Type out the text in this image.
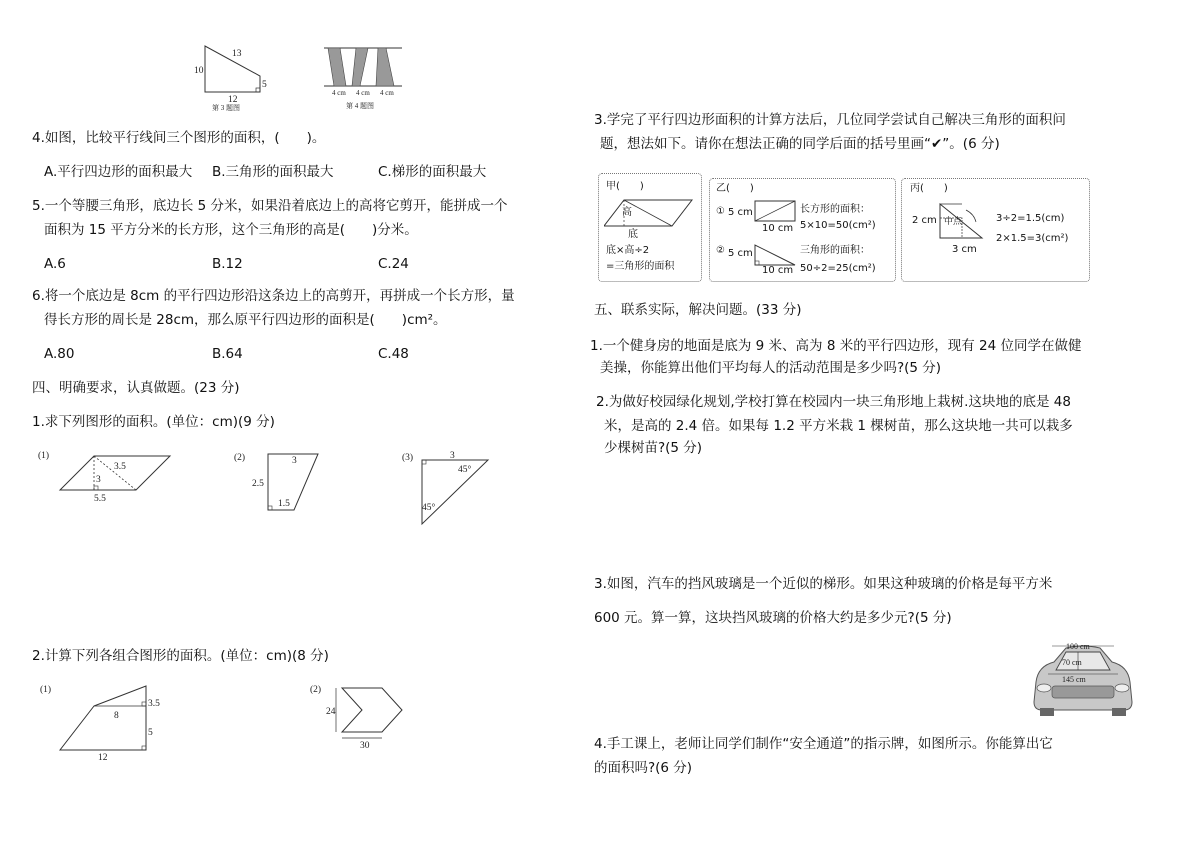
13
10
5
12
第 3 题图
4 cm 4 cm 4 cm
第 4 题图
4.如图，比较平行线间三个图形的面积，(　　)。
A.平行四边形的面积最大 B.三角形的面积最大	C.梯形的面积最大
5.一个等腰三角形，底边长 5 分米，如果沿着底边上的高将它剪开，能拼成一个
面积为 15 平方分米的长方形，这个三角形的高是(　　)分米。
A.6	B.12	C.24
6.将一个底边是 8cm 的平行四边形沿这条边上的高剪开，再拼成一个长方形，量
得长方形的周长是 28cm，那么原平行四边形的面积是(　　)cm²。
A.80	B.64	C.48
四、明确要求，认真做题。(23 分)
1.求下列图形的面积。(单位：cm)(9 分)
(1)
3.5
3
5.5
(2)	3
2.5
1.5
(3)	3
45°
45°
2.计算下列各组合图形的面积。(单位：cm)(8 分)
(1)
3.5
8
5
12
(2)
24
30
3.学完了平行四边形面积的计算方法后，几位同学尝试自己解决三角形的面积问
题，想法如下。请你在想法正确的同学后面的括号里画“✔”。(6 分)
甲(　　)
高
底
底×高÷2
=三角形的面积
乙(　　)
① 5 cm
10 cm
长方形的面积：
5×10=50(cm²)
② 5 cm
10 cm
三角形的面积：
50÷2=25(cm²)
丙(　　)
2 cm 中点
3 cm
3÷2=1.5(cm)
2×1.5=3(cm²)
五、联系实际，解决问题。(33 分)
1.一个健身房的地面是底为 9 米、高为 8 米的平行四边形，现有 24 位同学在做健
美操，你能算出他们平均每人的活动范围是多少吗?(5 分)
2.为做好校园绿化规划,学校打算在校园内一块三角形地上栽树.这块地的底是 48
米，是高的 2.4 倍。如果每 1.2 平方米栽 1 棵树苗，那么这块地一共可以栽多
少棵树苗?(5 分)
3.如图，汽车的挡风玻璃是一个近似的梯形。如果这种玻璃的价格是每平方米
600 元。算一算，这块挡风玻璃的价格大约是多少元?(5 分)
100 cm
70 cm
145 cm
4.手工课上，老师让同学们制作“安全通道”的指示牌，如图所示。你能算出它
的面积吗?(6 分)
